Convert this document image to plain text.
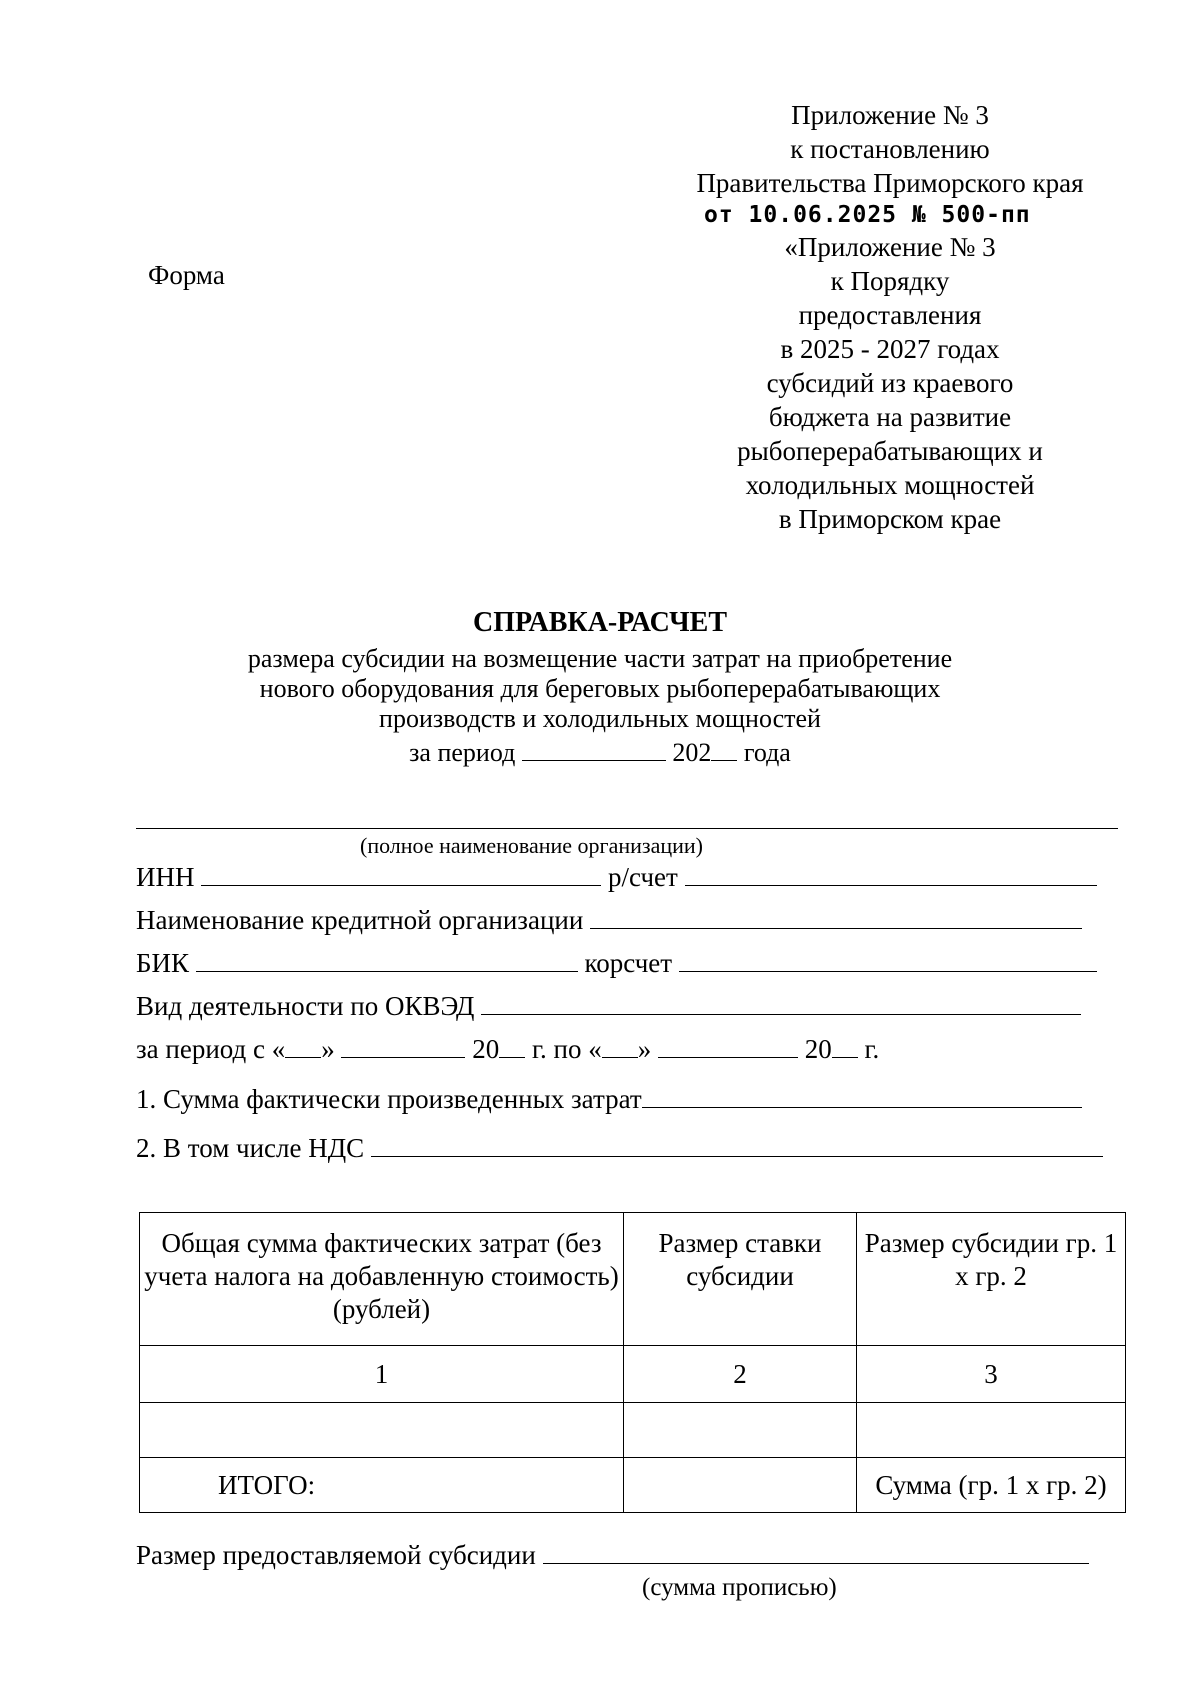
Приложение № 3
к постановлению
Правительства Приморского края
от 10.06.2025 № 500-пп
«Приложение № 3
к Порядку
предоставления
в 2025 - 2027 годах
субсидий из краевого
бюджета на развитие
рыбоперерабатывающих и
холодильных мощностей
в Приморском крае
Форма
СПРАВКА-РАСЧЕТ
размера субсидии на возмещение части затрат на приобретение
нового оборудования для береговых рыбоперерабатывающих
производств и холодильных мощностей
за период	202 года
(полное наименование организации)
ИНН	р/счет
Наименование кредитной организации
БИК	корсчет
Вид деятельности по ОКВЭД
за период с « »	20 г. по « »	20 г.
1. Сумма фактически произведенных затрат
2. В том числе НДС
Общая сумма фактических затрат (без учета налога на добавленную стоимость) (рублей)	Размер ставки субсидии	Размер субсидии гр. 1 x гр. 2
1	2	3

ИТОГО:		Сумма (гр. 1 x гр. 2)
Размер предоставляемой субсидии
(сумма прописью)
